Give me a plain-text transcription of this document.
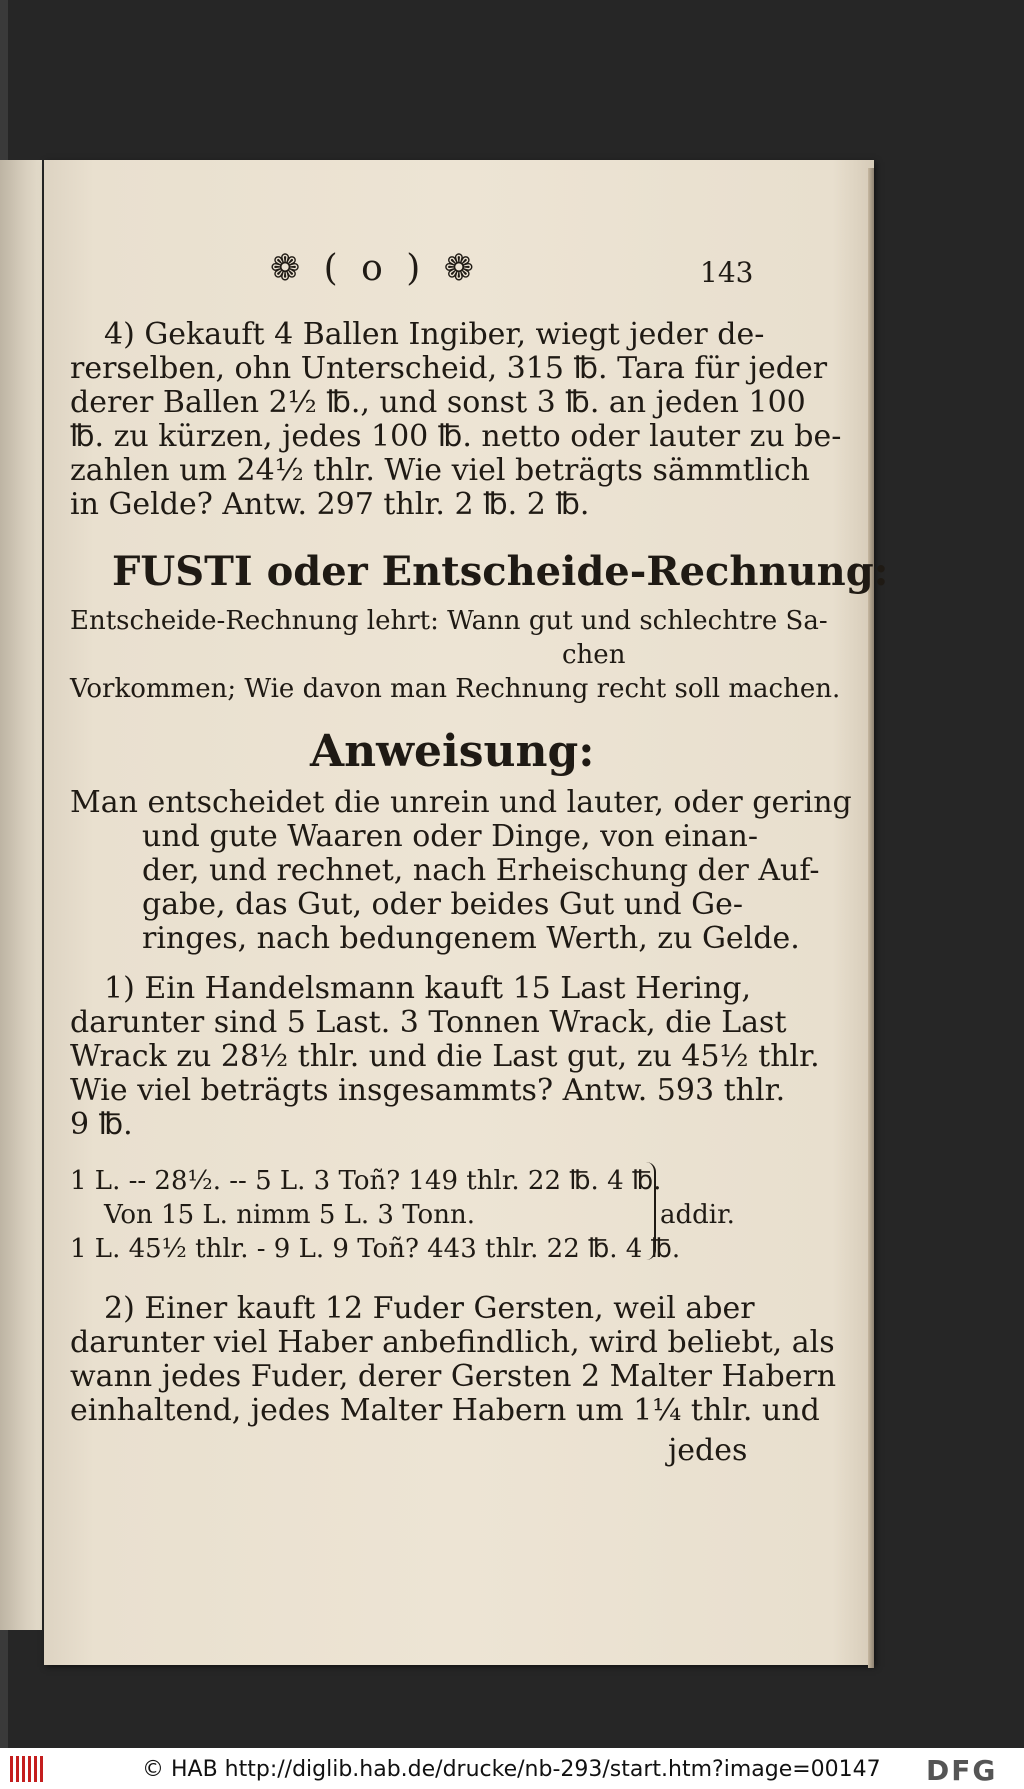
❁ ( o ) ❁	143
4) Gekauft 4 Ballen Ingiber, wiegt jeder de-
rerselben, ohn Unterscheid, 315 ℔. Tara für jeder
derer Ballen 2½ ℔., und sonst 3 ℔. an jeden 100
℔. zu kürzen, jedes 100 ℔. netto oder lauter zu be-
zahlen um 24½ thlr. Wie viel beträgts sämmtlich
in Gelde? Antw. 297 thlr. 2 ℔. 2 ℔.
FUSTI oder Entscheide-Rechnung:
Entscheide-Rechnung lehrt: Wann gut und schlechtre Sa-
chen
Vorkommen; Wie davon man Rechnung recht soll machen.
Anweisung:
Man entscheidet die unrein und lauter, oder gering
und gute Waaren oder Dinge, von einan-
der, und rechnet, nach Erheischung der Auf-
gabe, das Gut, oder beides Gut und Ge-
ringes, nach bedungenem Werth, zu Gelde.
1) Ein Handelsmann kauft 15 Last Hering,
darunter sind 5 Last. 3 Tonnen Wrack, die Last
Wrack zu 28½ thlr. und die Last gut, zu 45½ thlr.
Wie viel beträgts insgesammts? Antw. 593 thlr.
9 ℔.
1 L. -- 28½. -- 5 L. 3 Toñ? 149 thlr. 22 ℔. 4 ℔.
Von 15 L. nimm 5 L. 3 Tonn.
1 L. 45½ thlr. - 9 L. 9 Toñ? 443 thlr. 22 ℔. 4 ℔.
addir.
2) Einer kauft 12 Fuder Gersten, weil aber
darunter viel Haber anbefindlich, wird beliebt, als
wann jedes Fuder, derer Gersten 2 Malter Habern
einhaltend, jedes Malter Habern um 1¼ thlr. und
jedes
© HAB http://diglib.hab.de/drucke/nb-293/start.htm?image=00147 DFG
